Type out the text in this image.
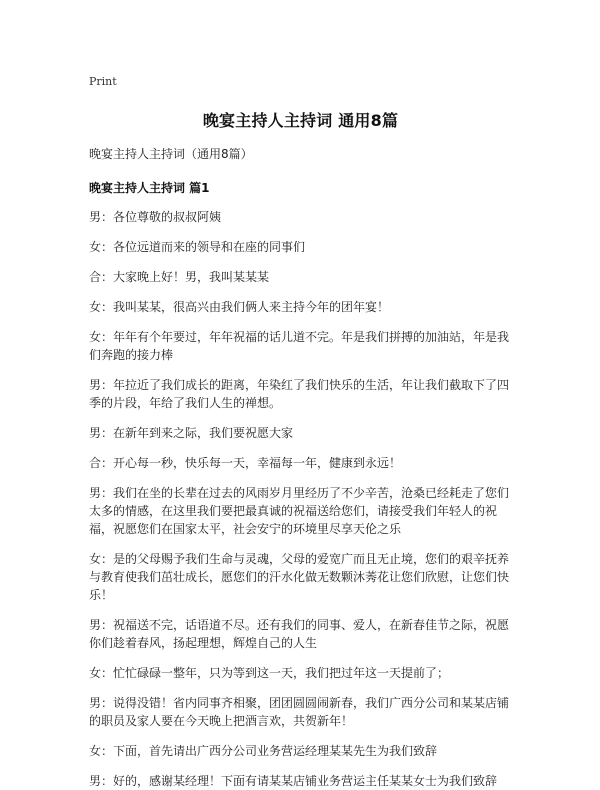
Print
晚宴主持人主持词 通用8篇

晚宴主持人主持词（通用8篇）

晚宴主持人主持词 篇1

男：各位尊敬的叔叔阿姨

女：各位远道而来的领导和在座的同事们

合：大家晚上好！男，我叫某某某

女：我叫某某，很高兴由我们俩人来主持今年的团年宴！

女：年年有个年要过，年年祝福的话儿道不完。年是我们拼搏的加油站，年是我们奔跑的接力棒

男：年拉近了我们成长的距离，年染红了我们快乐的生活，年让我们截取下了四季的片段，年给了我们人生的禅想。

男：在新年到来之际，我们要祝愿大家

合：开心每一秒，快乐每一天，幸福每一年，健康到永远！

男：我们在坐的长辈在过去的风雨岁月里经历了不少辛苦，沧桑已经耗走了您们太多的情感，在这里我们要把最真诚的祝福送给您们，请接受我们年轻人的祝福，祝愿您们在国家太平，社会安宁的环境里尽享天伦之乐

女：是的父母赐予我们生命与灵魂，父母的爱宽广而且无止境，您们的艰辛抚养与教育使我们茁壮成长，愿您们的汗水化做无数颗沐莠花让您们欣慰，让您们快乐！

男：祝福送不完，话语道不尽。还有我们的同事、爱人，在新春佳节之际，祝愿你们趁着春风，扬起理想，辉煌自己的人生

女：忙忙碌碌一整年，只为等到这一天，我们把过年这一天提前了；

男：说得没错！省内同事齐相聚，团团圆圆闹新春，我们广西分公司和某某店铺的职员及家人要在今天晚上把酒言欢，共贺新年！

女：下面，首先请出广西分公司业务营运经理某某先生为我们致辞

男：好的，感谢某经理！下面有请某某店铺业务营运主任某某女士为我们致辞
